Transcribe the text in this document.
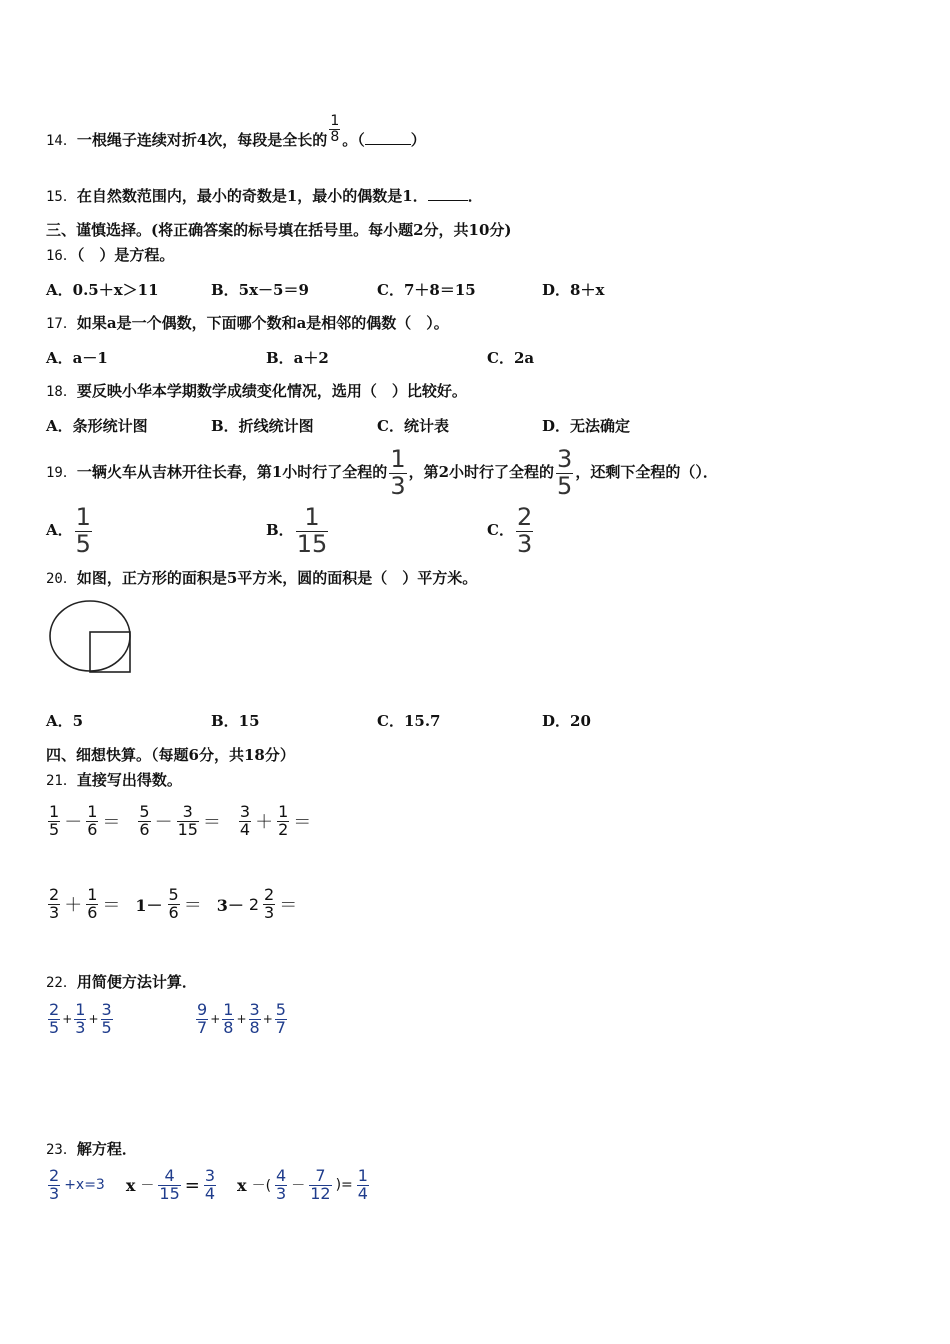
14．一根绳子连续对折4次，每段是全长的 $\frac{1}{8}$ 。（	）
15．在自然数范围内，最小的奇数是1，最小的偶数是1．	．
三、谨慎选择。(将正确答案的标号填在括号里。每小题2分，共10分)
16．（　）是方程。
A．0.5＋x＞11	B．5x－5＝9	C．7＋8＝15	D．8＋x
17．如果a是一个偶数，下面哪个数和a是相邻的偶数（　）。
A．a－1	B．a＋2	C．2a
18．要反映小华本学期数学成绩变化情况，选用（　）比较好。
A．条形统计图	B．折线统计图	C．统计表	D．无法确定
19．一辆火车从吉林开往长春，第1小时行了全程的 $\frac{1}{3}$ ，第2小时行了全程的 $\frac{3}{5}$ ，还剩下全程的（）．
A． $\frac{1}{5}$	B． $\frac{1}{15}$	C． $\frac{2}{3}$
20．如图，正方形的面积是5平方米，圆的面积是（　）平方米。
A．5	B．15	C．15.7	D．20
四、细想快算。（每题6分，共18分）
21．直接写出得数。
$\frac{1}{5} - \frac{1}{6} = \frac{5}{6} - \frac{3}{15} = \frac{3}{4} + \frac{1}{2}$ ＝
$\frac{2}{3} + \frac{1}{6} = 1- \frac{5}{6} = 3- 2 \frac{2}{3}$ ＝
22．用简便方法计算．
$\frac{2}{5} + \frac{1}{3} + \frac{3}{5}$	$\frac{9}{7} + \frac{1}{8} + \frac{3}{8} + \frac{5}{7}$
23．解方程．
$\frac{2}{3} +x=3$ $x - \frac{4}{15} = \frac{3}{4}$ x －( $\frac{4}{3} - \frac{7}{12}$ )= $\frac{1}{4}$
